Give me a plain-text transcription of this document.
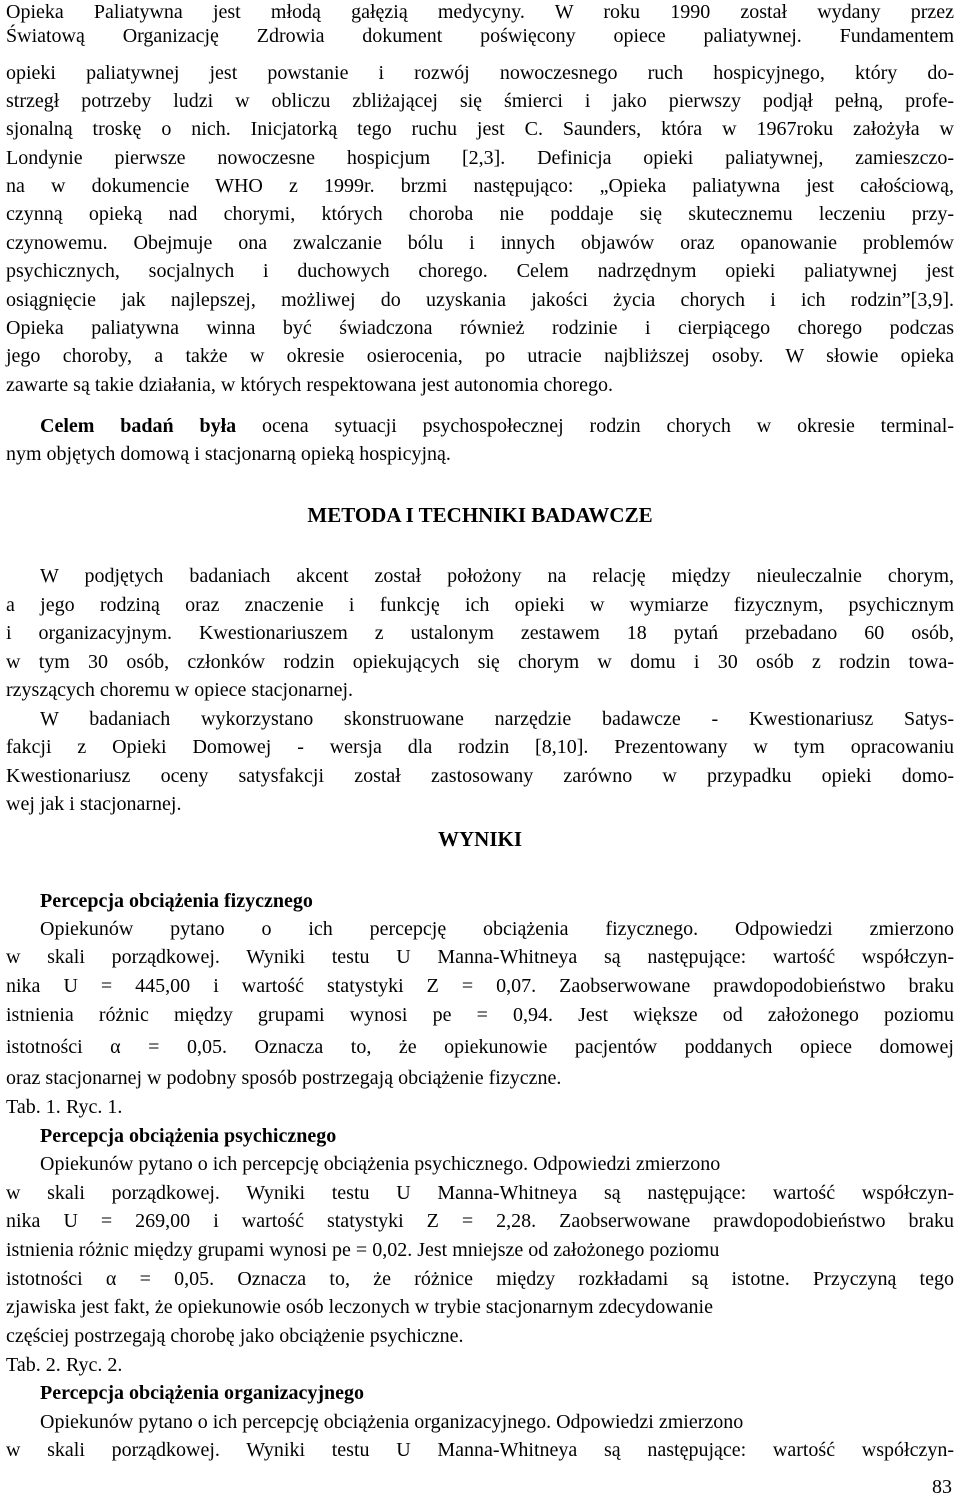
Opieka Paliatywna jest młodą gałęzią medycyny. W roku 1990 został wydany przez
Światową Organizację Zdrowia dokument poświęcony opiece paliatywnej. Fundamentem
opieki paliatywnej jest powstanie i rozwój nowoczesnego ruch hospicyjnego, który do-
strzegł potrzeby ludzi w obliczu zbliżającej się śmierci i jako pierwszy podjął pełną, profe-
sjonalną troskę o nich. Inicjatorką tego ruchu jest C. Saunders, która w 1967roku założyła w
Londynie pierwsze nowoczesne hospicjum [2,3]. Definicja opieki paliatywnej, zamieszczo-
na w dokumencie WHO z 1999r. brzmi następująco: „Opieka paliatywna jest całościową,
czynną opieką nad chorymi, których choroba nie poddaje się skutecznemu leczeniu przy-
czynowemu. Obejmuje ona zwalczanie bólu i innych objawów oraz opanowanie problemów
psychicznych, socjalnych i duchowych chorego. Celem nadrzędnym opieki paliatywnej jest
osiągnięcie jak najlepszej, możliwej do uzyskania jakości życia chorych i ich rodzin”[3,9].
Opieka paliatywna winna być świadczona również rodzinie i cierpiącego chorego podczas
jego choroby, a także w okresie osierocenia, po utracie najbliższej osoby. W słowie opieka
zawarte są takie działania, w których respektowana jest autonomia chorego.
Celem badań była ocena sytuacji psychospołecznej rodzin chorych w okresie terminal-
nym objętych domową i stacjonarną opieką hospicyjną.
METODA I TECHNIKI BADAWCZE
W podjętych badaniach akcent został położony na relację między nieuleczalnie chorym,
a jego rodziną oraz znaczenie i funkcję ich opieki w wymiarze fizycznym, psychicznym
i organizacyjnym. Kwestionariuszem z ustalonym zestawem 18 pytań przebadano 60 osób,
w tym 30 osób, członków rodzin opiekujących się chorym w domu i 30 osób z rodzin towa-
rzyszących choremu w opiece stacjonarnej.
W badaniach wykorzystano skonstruowane narzędzie badawcze - Kwestionariusz Satys-
fakcji z Opieki Domowej - wersja dla rodzin [8,10]. Prezentowany w tym opracowaniu
Kwestionariusz oceny satysfakcji został zastosowany zarówno w przypadku opieki domo-
wej jak i stacjonarnej.
WYNIKI
Percepcja obciążenia fizycznego
Opiekunów pytano o ich percepcję obciążenia fizycznego. Odpowiedzi zmierzono
w skali porządkowej. Wyniki testu U Manna-Whitneya są następujące: wartość współczyn-
nika U = 445,00 i wartość statystyki Z = 0,07. Zaobserwowane prawdopodobieństwo braku
istnienia różnic między grupami wynosi pe = 0,94. Jest większe od założonego poziomu
istotności α = 0,05. Oznacza to, że opiekunowie pacjentów poddanych opiece domowej
oraz stacjonarnej w podobny sposób postrzegają obciążenie fizyczne.
Tab. 1. Ryc. 1.
Percepcja obciążenia psychicznego
Opiekunów pytano o ich percepcję obciążenia psychicznego. Odpowiedzi zmierzono
w skali porządkowej. Wyniki testu U Manna-Whitneya są następujące: wartość współczyn-
nika U = 269,00 i wartość statystyki Z = 2,28. Zaobserwowane prawdopodobieństwo braku
istnienia różnic między grupami wynosi pe = 0,02. Jest mniejsze od założonego poziomu
istotności α = 0,05. Oznacza to, że różnice między rozkładami są istotne. Przyczyną tego
zjawiska jest fakt, że opiekunowie osób leczonych w trybie stacjonarnym zdecydowanie
częściej postrzegają chorobę jako obciążenie psychiczne.
Tab. 2. Ryc. 2.
Percepcja obciążenia organizacyjnego
Opiekunów pytano o ich percepcję obciążenia organizacyjnego. Odpowiedzi zmierzono
w skali porządkowej. Wyniki testu U Manna-Whitneya są następujące: wartość współczyn-
83
